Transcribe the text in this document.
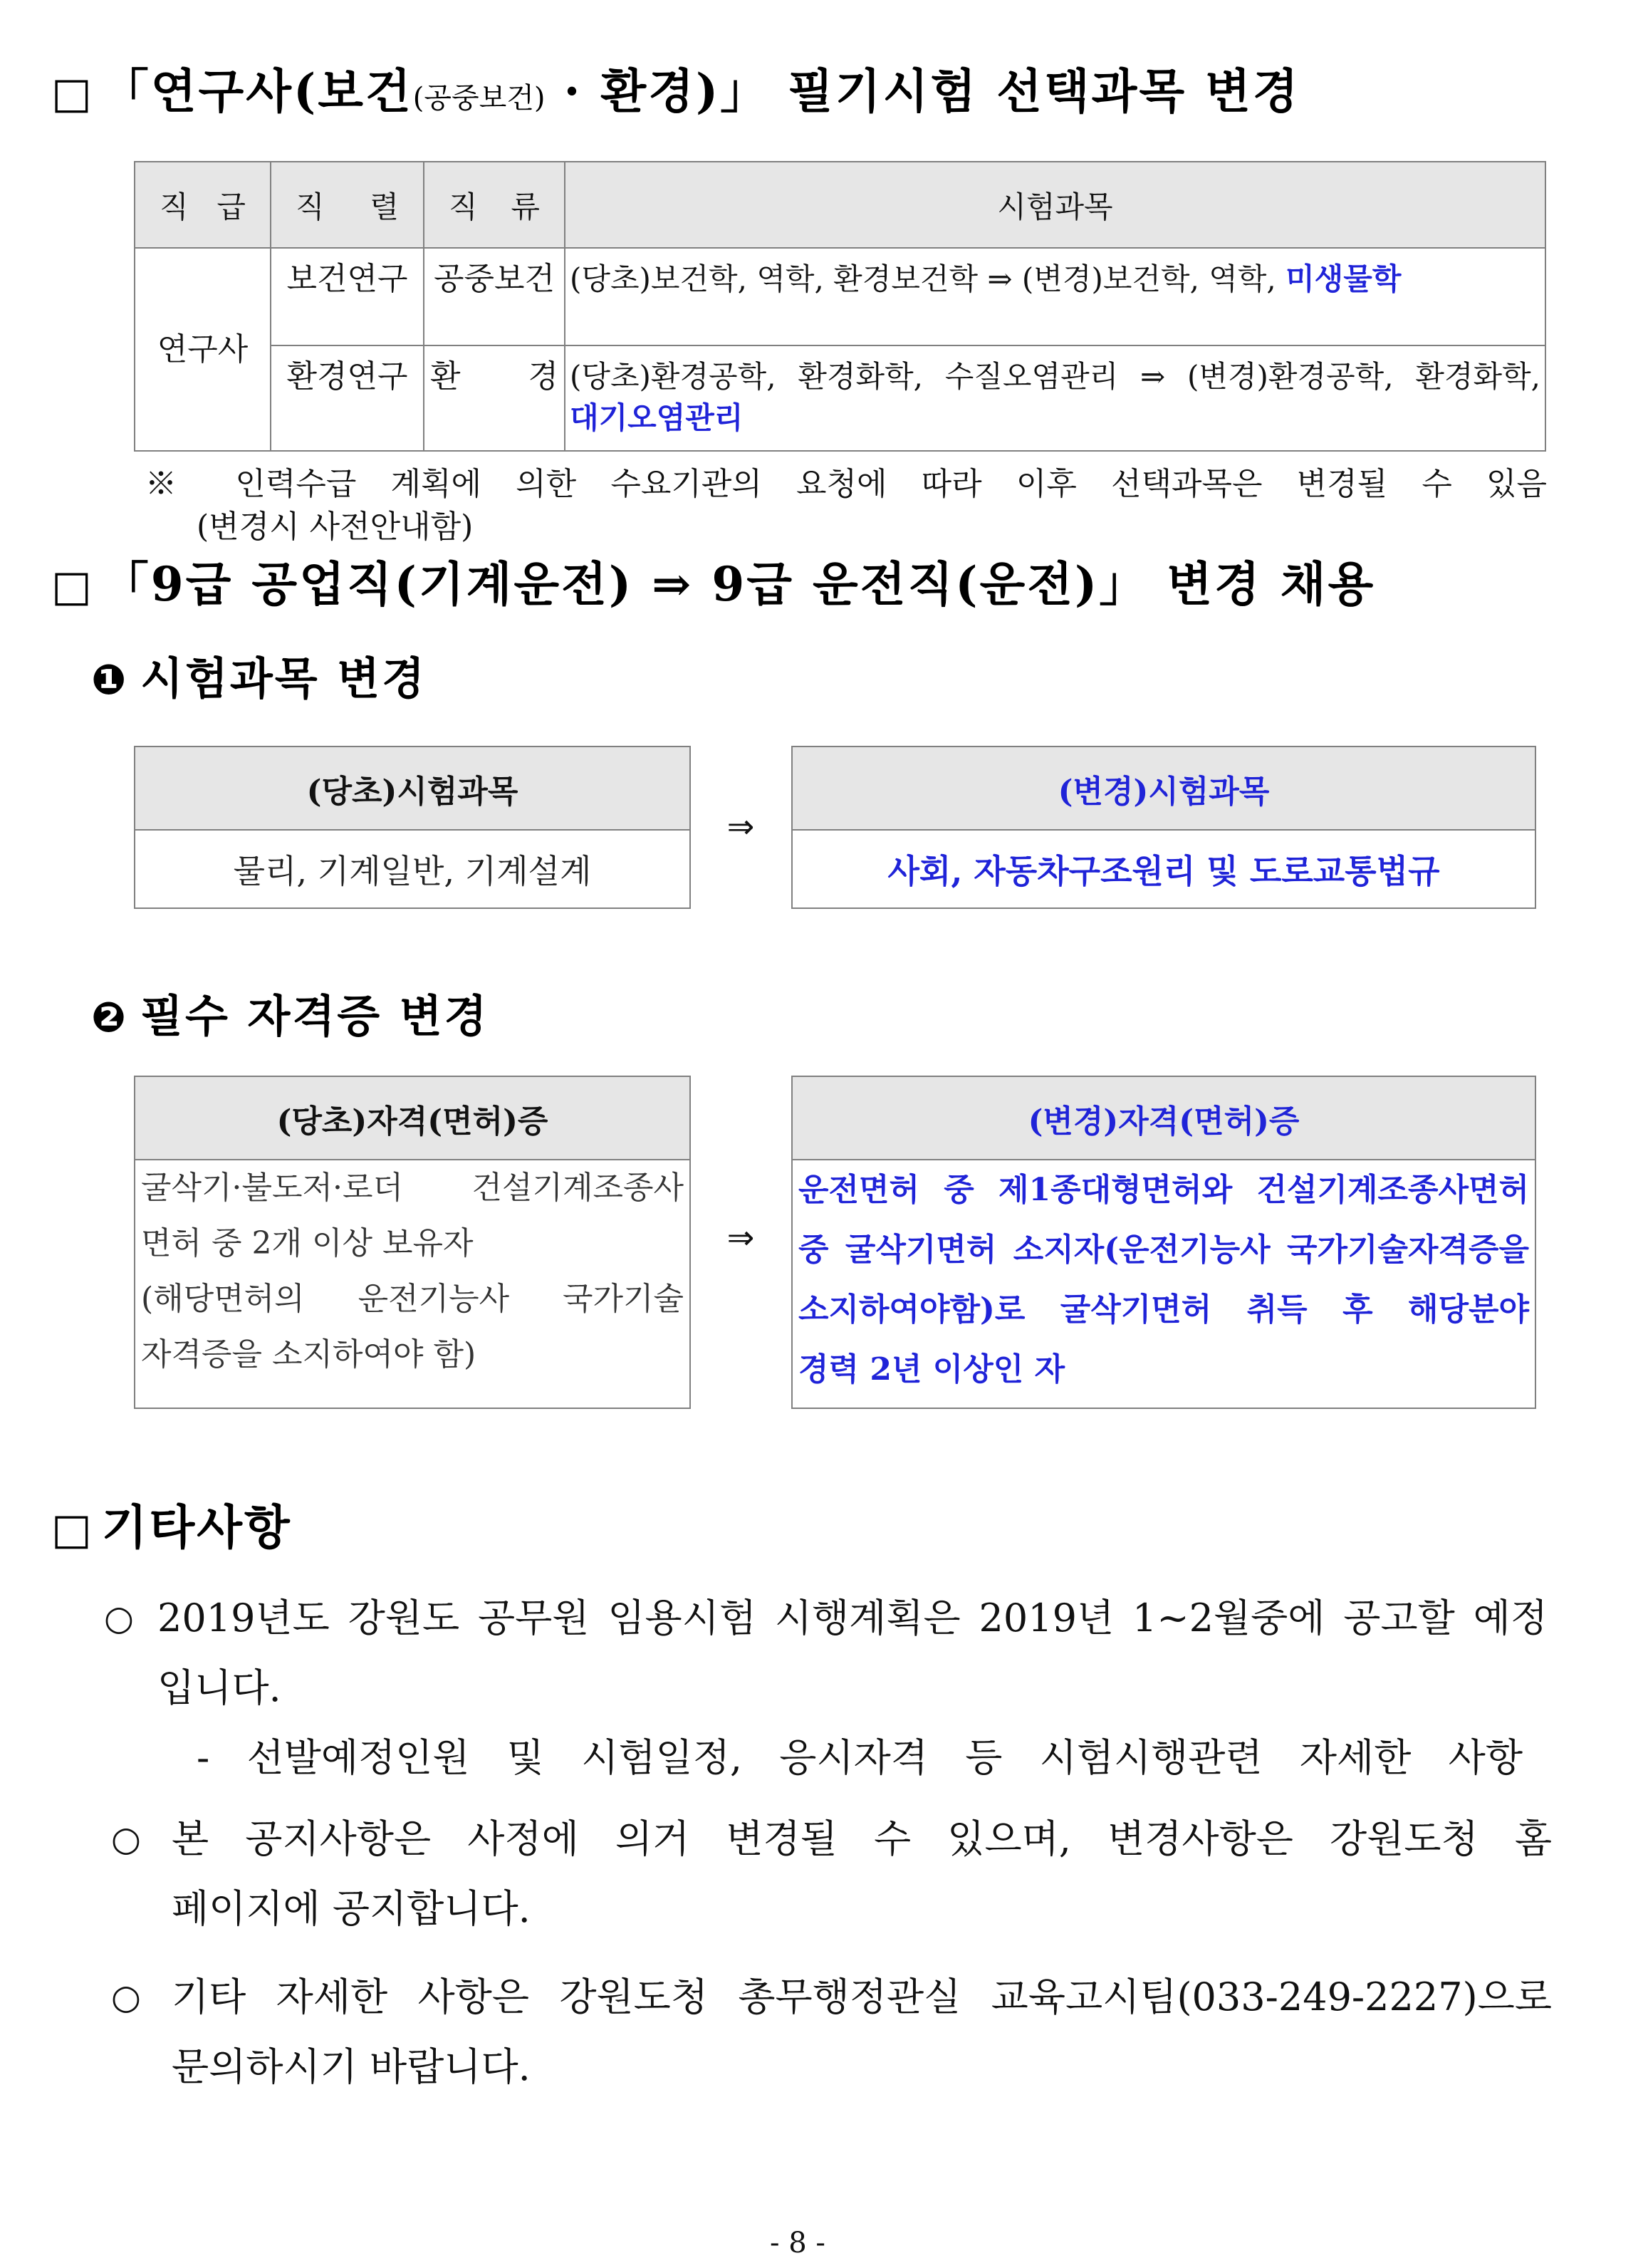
□ 「연구사(보건(공중보건) · 환경)」 필기시험 선택과목 변경
직 급	직 렬	직 류	시험과목
연구사	보건연구	공중보건	(당초)보건학, 역학, 환경보건학 ⇒ (변경)보건학, 역학, 미생물학
	환경연구	환 경	(당초)환경공학, 환경화학, 수질오염관리 ⇒ (변경)환경공학, 환경화학, 대기오염관리
※ 인력수급 계획에 의한 수요기관의 요청에 따라 이후 선택과목은 변경될 수 있음
(변경시 사전안내함)
□ 「9급 공업직(기계운전) ⇒ 9급 운전직(운전)」 변경 채용
❶ 시험과목 변경
(당초)시험과목
물리, 기계일반, 기계설계
⇒
(변경)시험과목
사회, 자동차구조원리 및 도로교통법규
❷ 필수 자격증 변경
(당초)자격(면허)증
굴삭기·불도저·로더 건설기계조종사
면허 중 2개 이상 보유자
(해당면허의 운전기능사 국가기술
자격증을 소지하여야 함)
⇒
(변경)자격(면허)증
운전면허 중 제1종대형면허와 건설기계조종사면허
중 굴삭기면허 소지자(운전기능사 국가기술자격증을
소지하여야함)로 굴삭기면허 취득 후 해당분야
경력 2년 이상인 자
□ 기타사항
○ 2019년도 강원도 공무원 임용시험 시행계획은 2019년 1~2월중에 공고할 예정
입니다.
- 선발예정인원 및 시험일정, 응시자격 등 시험시행관련 자세한 사항
○ 본 공지사항은 사정에 의거 변경될 수 있으며, 변경사항은 강원도청 홈
페이지에 공지합니다.
○ 기타 자세한 사항은 강원도청 총무행정관실 교육고시팀(033-249-2227)으로
문의하시기 바랍니다.
- 8 -
